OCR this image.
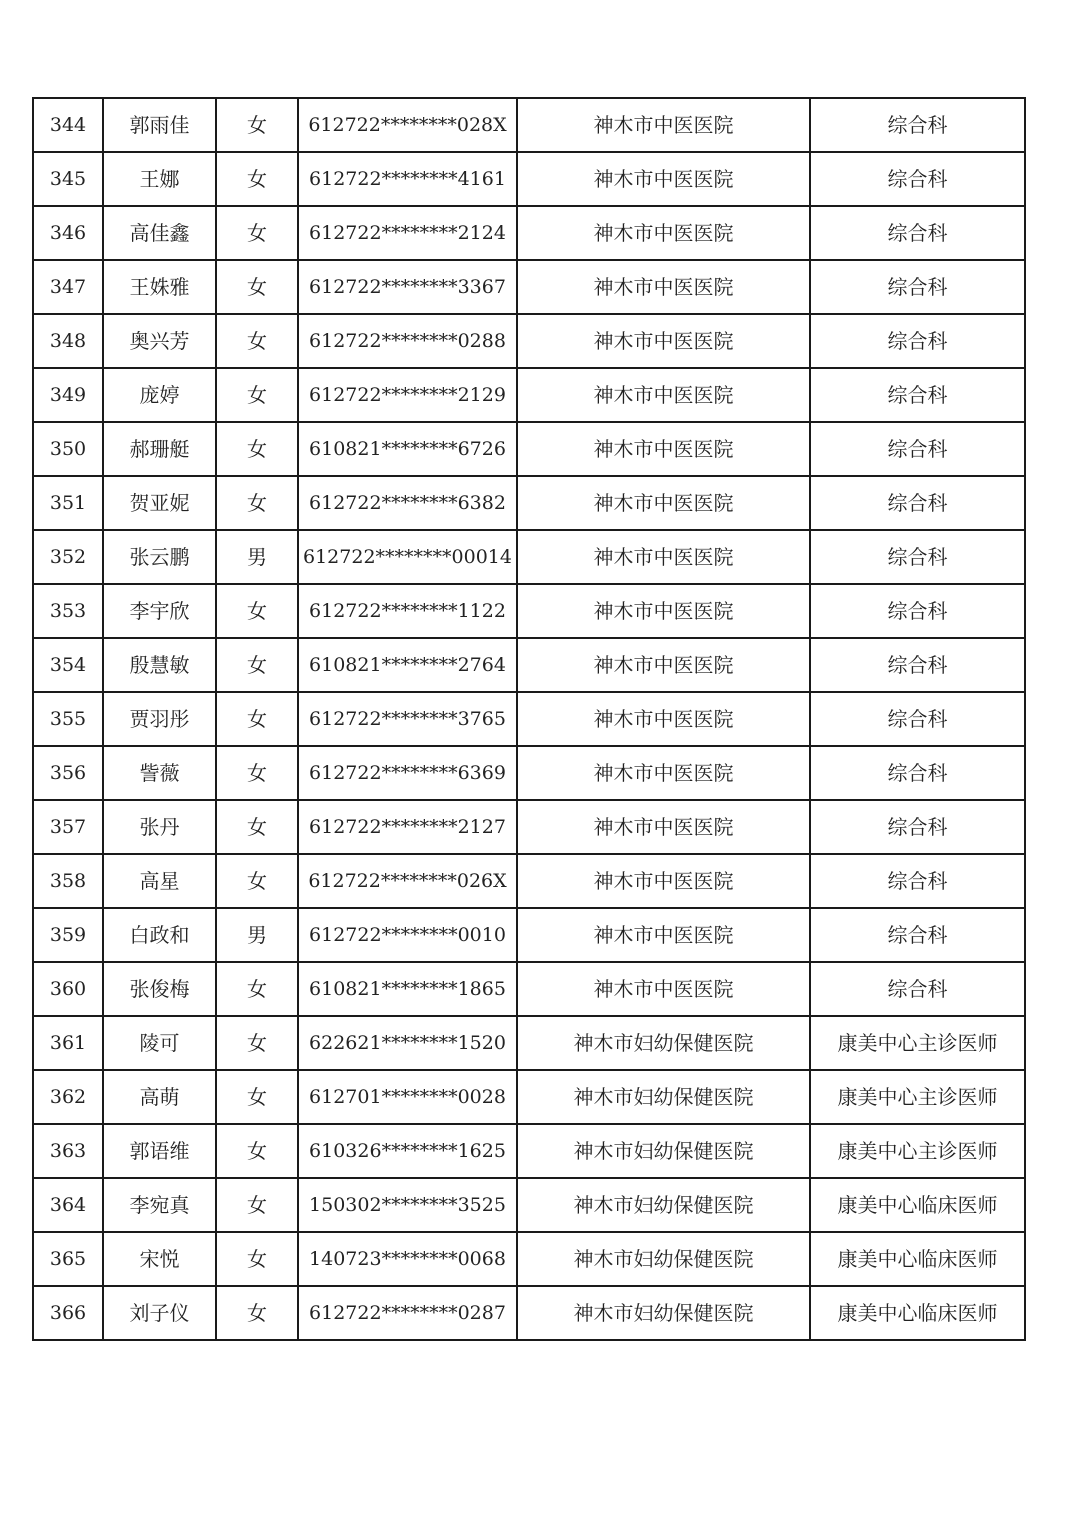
344	郭雨佳	女	612722********028X	神木市中医医院	综合科
345	王娜	女	612722********4161	神木市中医医院	综合科
346	高佳鑫	女	612722********2124	神木市中医医院	综合科
347	王姝雅	女	612722********3367	神木市中医医院	综合科
348	奥兴芳	女	612722********0288	神木市中医医院	综合科
349	庞婷	女	612722********2129	神木市中医医院	综合科
350	郝珊艇	女	610821********6726	神木市中医医院	综合科
351	贺亚妮	女	612722********6382	神木市中医医院	综合科
352	张云鹏	男	612722********00014	神木市中医医院	综合科
353	李宇欣	女	612722********1122	神木市中医医院	综合科
354	殷慧敏	女	610821********2764	神木市中医医院	综合科
355	贾羽彤	女	612722********3765	神木市中医医院	综合科
356	訾薇	女	612722********6369	神木市中医医院	综合科
357	张丹	女	612722********2127	神木市中医医院	综合科
358	高星	女	612722********026X	神木市中医医院	综合科
359	白政和	男	612722********0010	神木市中医医院	综合科
360	张俊梅	女	610821********1865	神木市中医医院	综合科
361	陵可	女	622621********1520	神木市妇幼保健医院	康美中心主诊医师
362	高萌	女	612701********0028	神木市妇幼保健医院	康美中心主诊医师
363	郭语维	女	610326********1625	神木市妇幼保健医院	康美中心主诊医师
364	李宛真	女	150302********3525	神木市妇幼保健医院	康美中心临床医师
365	宋悦	女	140723********0068	神木市妇幼保健医院	康美中心临床医师
366	刘子仪	女	612722********0287	神木市妇幼保健医院	康美中心临床医师
